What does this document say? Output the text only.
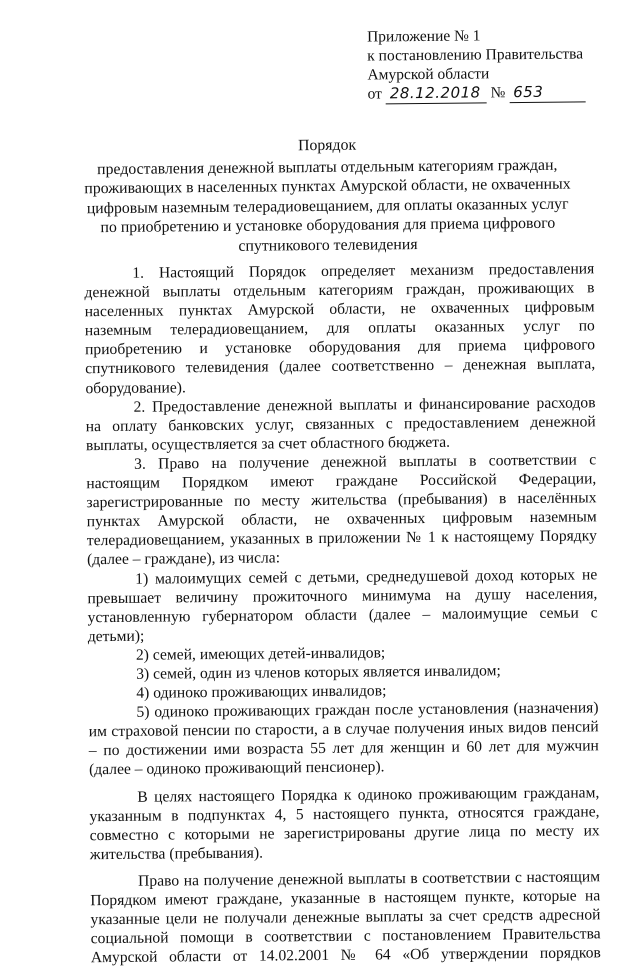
Приложение № 1
к постановлению Правительства
Амурской области
от 28.12.2018 № 653
Порядок
предоставления денежной выплаты отдельным категориям граждан, проживающих в населенных пунктах Амурской области, не охваченных цифровым наземным телерадиовещанием, для оплаты оказанных услуг по приобретению и установке оборудования для приема цифрового спутникового телевидения

1. Настоящий Порядок определяет механизм предоставления денежной выплаты отдельным категориям граждан, проживающих в населенных пунктах Амурской области, не охваченных цифровым наземным телерадиовещанием, для оплаты оказанных услуг по приобретению и установке оборудования для приема цифрового спутникового телевидения (далее соответственно – денежная выплата, оборудование).

2. Предоставление денежной выплаты и финансирование расходов на оплату банковских услуг, связанных с предоставлением денежной выплаты, осуществляется за счет областного бюджета.

3. Право на получение денежной выплаты в соответствии с настоящим Порядком имеют граждане Российской Федерации, зарегистрированные по месту жительства (пребывания) в населённых пунктах Амурской области, не охваченных цифровым наземным телерадиовещанием, указанных в приложении № 1 к настоящему Порядку (далее – граждане), из числа:

1) малоимущих семей с детьми, среднедушевой доход которых не превышает величину прожиточного минимума на душу населения, установленную губернатором области (далее – малоимущие семьи с детьми);

2) семей, имеющих детей-инвалидов;

3) семей, один из членов которых является инвалидом;

4) одиноко проживающих инвалидов;

5) одиноко проживающих граждан после установления (назначения) им страховой пенсии по старости, а в случае получения иных видов пенсий – по достижении ими возраста 55 лет для женщин и 60 лет для мужчин (далее – одиноко проживающий пенсионер).

В целях настоящего Порядка к одиноко проживающим гражданам, указанным в подпунктах 4, 5 настоящего пункта, относятся граждане, совместно с которыми не зарегистрированы другие лица по месту их жительства (пребывания).

Право на получение денежной выплаты в соответствии с настоящим Порядком имеют граждане, указанные в настоящем пункте, которые на указанные цели не получали денежные выплаты за счет средств адресной социальной помощи в соответствии с постановлением Правительства Амурской области от 14.02.2001 № 64 «Об утверждении порядков
